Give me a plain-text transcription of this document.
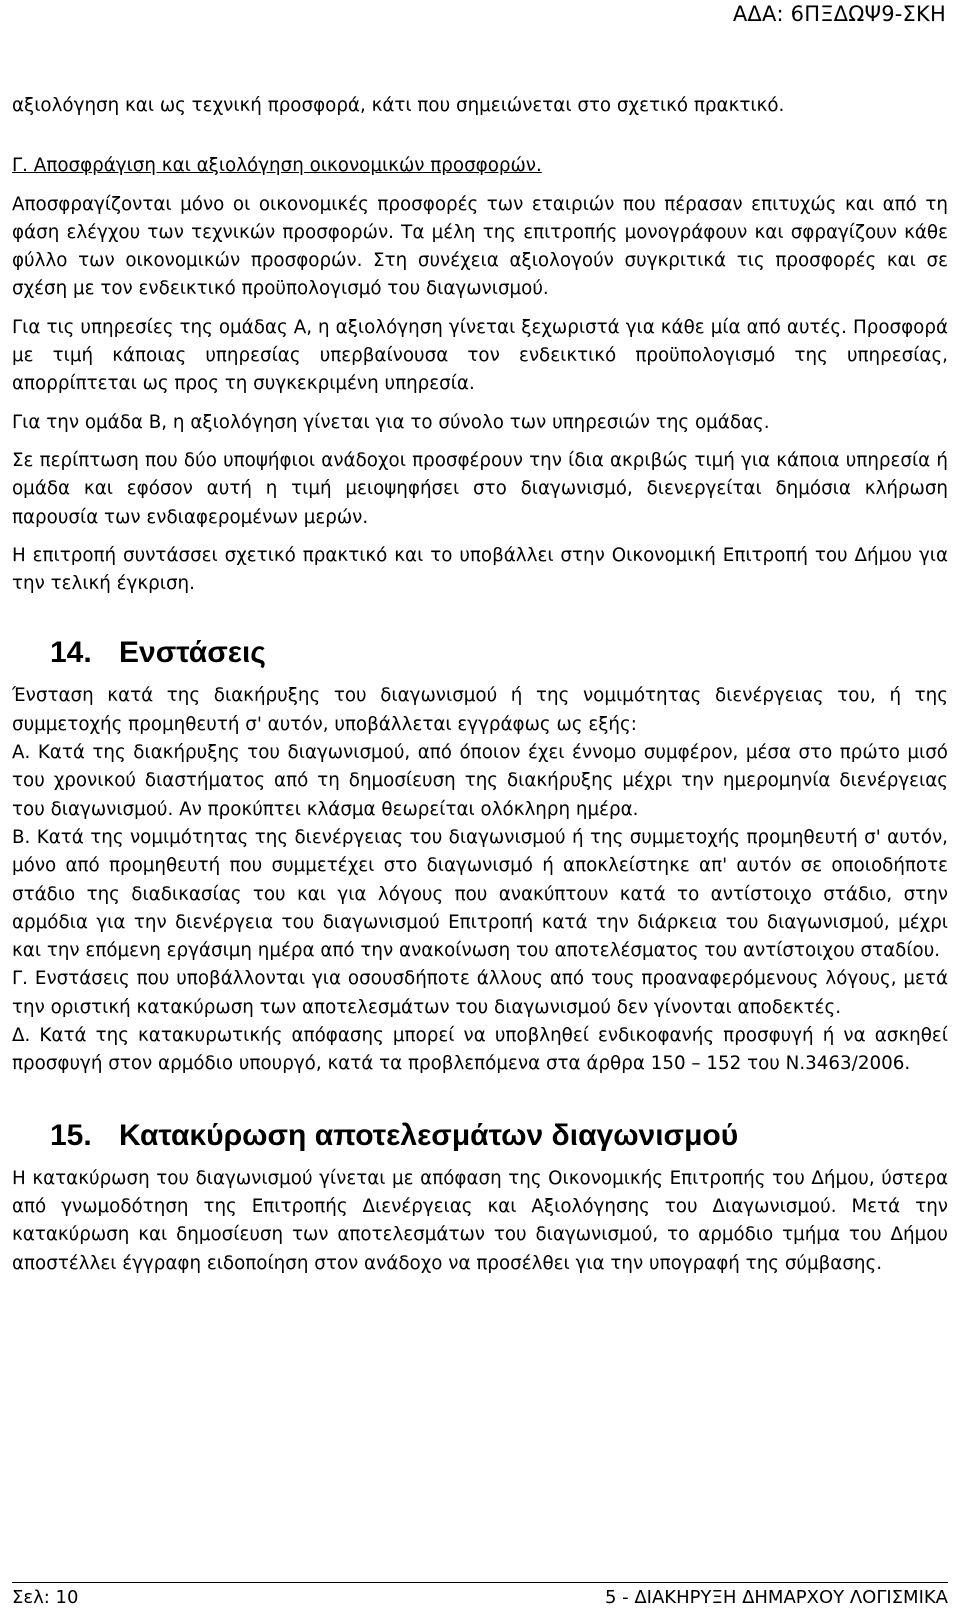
ΑΔΑ: 6ΠΞΔΩΨ9-ΣΚΗ

αξιολόγηση και ως τεχνική προσφορά, κάτι που σημειώνεται στο σχετικό πρακτικό.

Γ. Αποσφράγιση και αξιολόγηση οικονομικών προσφορών.

Αποσφραγίζονται μόνο οι οικονομικές προσφορές των εταιριών που πέρασαν επιτυχώς και από τη φάση ελέγχου των τεχνικών προσφορών. Τα μέλη της επιτροπής μονογράφουν και σφραγίζουν κάθε φύλλο των οικονομικών προσφορών. Στη συνέχεια αξιολογούν συγκριτικά τις προσφορές και σε σχέση με τον ενδεικτικό προϋπολογισμό του διαγωνισμού.

Για τις υπηρεσίες της ομάδας Α, η αξιολόγηση γίνεται ξεχωριστά για κάθε μία από αυτές. Προσφορά με τιμή κάποιας υπηρεσίας υπερβαίνουσα τον ενδεικτικό προϋπολογισμό της υπηρεσίας, απορρίπτεται ως προς τη συγκεκριμένη υπηρεσία.

Για την ομάδα Β, η αξιολόγηση γίνεται για το σύνολο των υπηρεσιών της ομάδας.

Σε περίπτωση που δύο υποψήφιοι ανάδοχοι προσφέρουν την ίδια ακριβώς τιμή για κάποια υπηρεσία ή ομάδα και εφόσον αυτή η τιμή μειοψηφήσει στο διαγωνισμό, διενεργείται δημόσια κλήρωση παρουσία των ενδιαφερομένων μερών.

Η επιτροπή συντάσσει σχετικό πρακτικό και το υποβάλλει στην Οικονομική Επιτροπή του Δήμου για την τελική έγκριση.

14. Ενστάσεις

Ένσταση κατά της διακήρυξης του διαγωνισμού ή της νομιμότητας διενέργειας του, ή της συμμετοχής προμηθευτή σ' αυτόν, υποβάλλεται εγγράφως ως εξής:

Α. Κατά της διακήρυξης του διαγωνισμού, από όποιον έχει έννομο συμφέρον, μέσα στο πρώτο μισό του χρονικού διαστήματος από τη δημοσίευση της διακήρυξης μέχρι την ημερομηνία διενέργειας του διαγωνισμού. Αν προκύπτει κλάσμα θεωρείται ολόκληρη ημέρα.

Β. Κατά της νομιμότητας της διενέργειας του διαγωνισμού ή της συμμετοχής προμηθευτή σ' αυτόν, μόνο από προμηθευτή που συμμετέχει στο διαγωνισμό ή αποκλείστηκε απ' αυτόν σε οποιοδήποτε στάδιο της διαδικασίας του και για λόγους που ανακύπτουν κατά το αντίστοιχο στάδιο, στην αρμόδια για την διενέργεια του διαγωνισμού Επιτροπή κατά την διάρκεια του διαγωνισμού, μέχρι και την επόμενη εργάσιμη ημέρα από την ανακοίνωση του αποτελέσματος του αντίστοιχου σταδίου.

Γ. Ενστάσεις που υποβάλλονται για οσουσδήποτε άλλους από τους προαναφερόμενους λόγους, μετά την οριστική κατακύρωση των αποτελεσμάτων του διαγωνισμού δεν γίνονται αποδεκτές.

Δ. Κατά της κατακυρωτικής απόφασης μπορεί να υποβληθεί ενδικοφανής προσφυγή ή να ασκηθεί προσφυγή στον αρμόδιο υπουργό, κατά τα προβλεπόμενα στα άρθρα 150 – 152 του Ν.3463/2006.

15. Κατακύρωση αποτελεσμάτων διαγωνισμού

Η κατακύρωση του διαγωνισμού γίνεται με απόφαση της Οικονομικής Επιτροπής του Δήμου, ύστερα από γνωμοδότηση της Επιτροπής Διενέργειας και Αξιολόγησης του Διαγωνισμού. Μετά την κατακύρωση και δημοσίευση των αποτελεσμάτων του διαγωνισμού, το αρμόδιο τμήμα του Δήμου αποστέλλει έγγραφη ειδοποίηση στον ανάδοχο να προσέλθει για την υπογραφή της σύμβασης.

Σελ: 10	5 - ΔΙΑΚΗΡΥΞΗ ΔΗΜΑΡΧΟΥ ΛΟΓΙΣΜΙΚΑ
